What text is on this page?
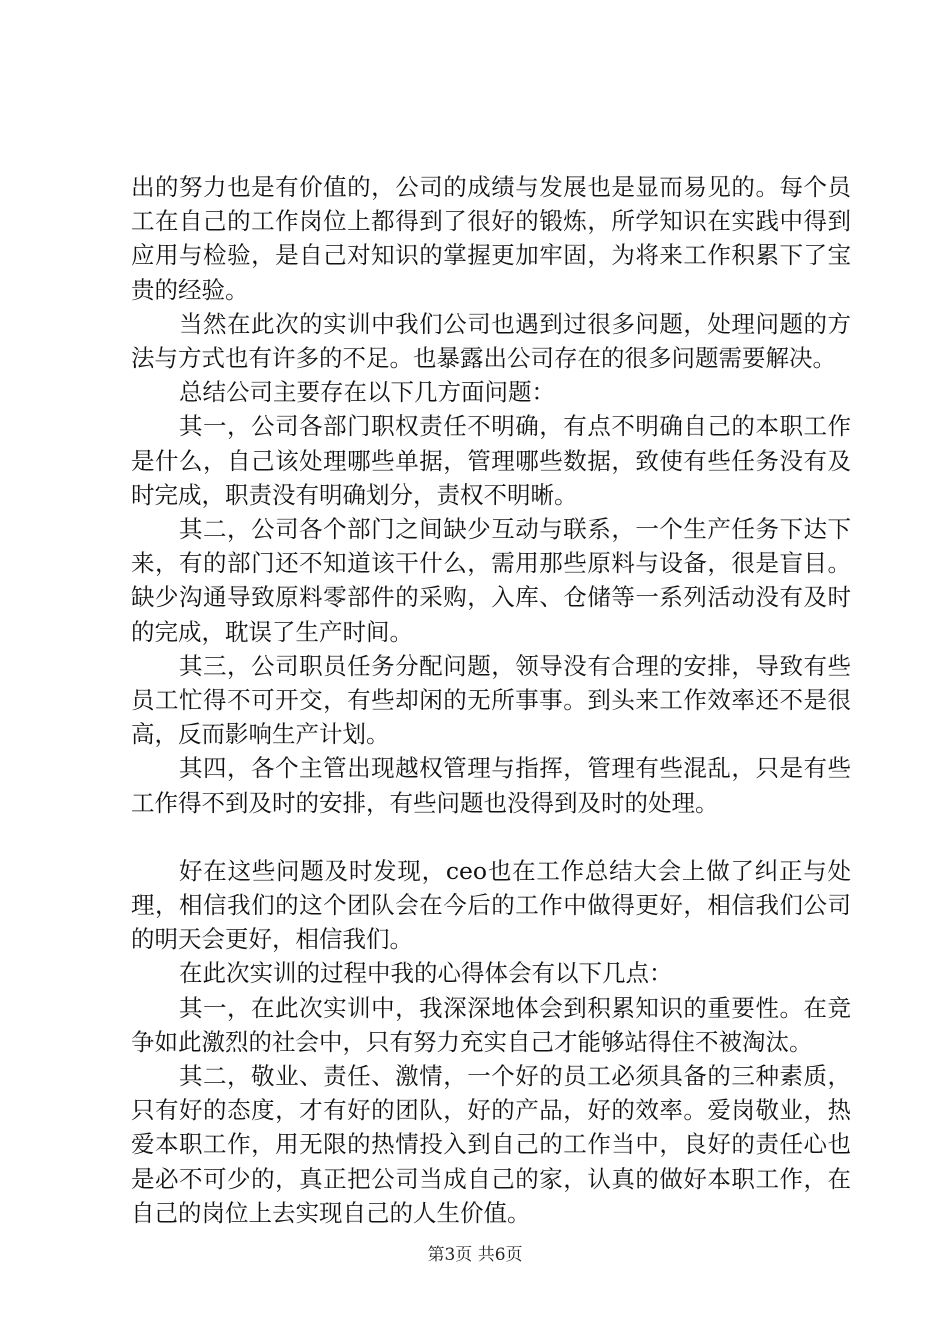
出的努力也是有价值的，公司的成绩与发展也是显而易见的。每个员工在自己的工作岗位上都得到了很好的锻炼，所学知识在实践中得到应用与检验，是自己对知识的掌握更加牢固，为将来工作积累下了宝贵的经验。

当然在此次的实训中我们公司也遇到过很多问题，处理问题的方法与方式也有许多的不足。也暴露出公司存在的很多问题需要解决。

总结公司主要存在以下几方面问题：

其一，公司各部门职权责任不明确，有点不明确自己的本职工作是什么，自己该处理哪些单据，管理哪些数据，致使有些任务没有及时完成，职责没有明确划分，责权不明晰。

其二，公司各个部门之间缺少互动与联系，一个生产任务下达下来，有的部门还不知道该干什么，需用那些原料与设备，很是盲目。缺少沟通导致原料零部件的采购，入库、仓储等一系列活动没有及时的完成，耽误了生产时间。

其三，公司职员任务分配问题，领导没有合理的安排，导致有些员工忙得不可开交，有些却闲的无所事事。到头来工作效率还不是很高，反而影响生产计划。

其四，各个主管出现越权管理与指挥，管理有些混乱，只是有些工作得不到及时的安排，有些问题也没得到及时的处理。

好在这些问题及时发现，ceo也在工作总结大会上做了纠正与处理，相信我们的这个团队会在今后的工作中做得更好，相信我们公司的明天会更好，相信我们。

在此次实训的过程中我的心得体会有以下几点：

其一，在此次实训中，我深深地体会到积累知识的重要性。在竞争如此激烈的社会中，只有努力充实自己才能够站得住不被淘汰。

其二，敬业、责任、激情，一个好的员工必须具备的三种素质，只有好的态度，才有好的团队，好的产品，好的效率。爱岗敬业，热爱本职工作，用无限的热情投入到自己的工作当中，良好的责任心也是必不可少的，真正把公司当成自己的家，认真的做好本职工作，在自己的岗位上去实现自己的人生价值。

第3页 共6页
